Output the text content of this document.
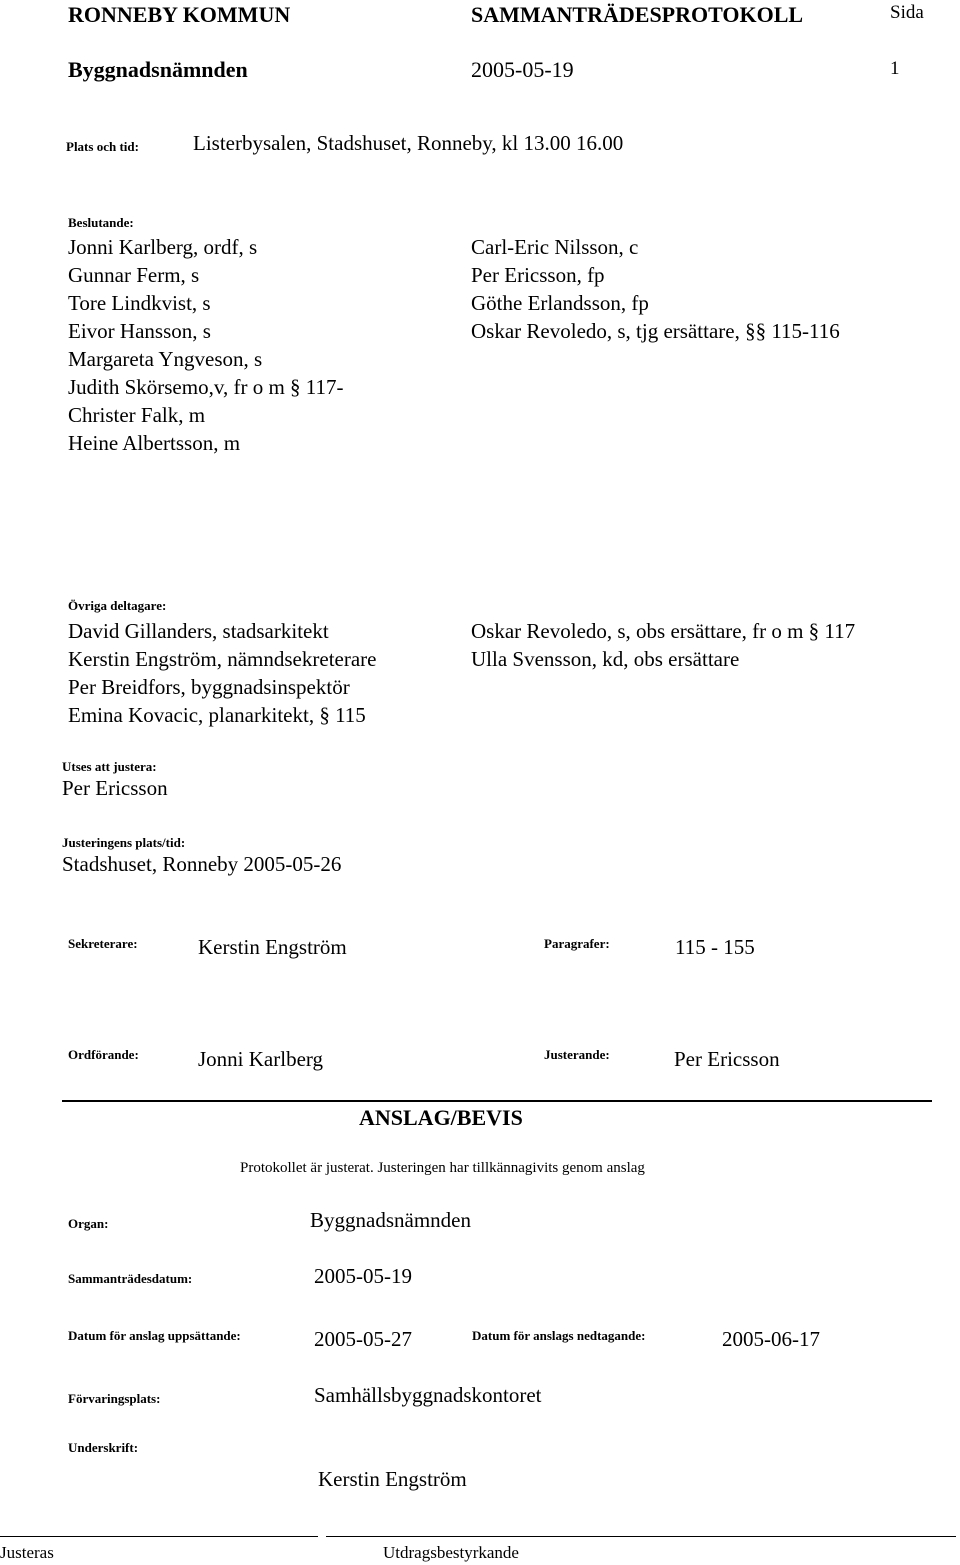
RONNEBY KOMMUN	SAMMANTRÄDESPROTOKOLL	Sida
Byggnadsnämnden	2005-05-19	1
Plats och tid:	Listerbysalen, Stadshuset, Ronneby, kl 13.00 16.00
Beslutande:
Jonni Karlberg, ordf, s
Gunnar Ferm, s
Tore Lindkvist, s
Eivor Hansson, s
Margareta Yngveson, s
Judith Skörsemo,v, fr o m § 117-
Christer Falk, m
Heine Albertsson, m
Carl-Eric Nilsson, c
Per Ericsson, fp
Göthe Erlandsson, fp
Oskar Revoledo, s, tjg ersättare, §§ 115-116
Övriga deltagare:
David Gillanders, stadsarkitekt
Kerstin Engström, nämndsekreterare
Per Breidfors, byggnadsinspektör
Emina Kovacic, planarkitekt, § 115
Oskar Revoledo, s, obs ersättare, fr o m § 117
Ulla Svensson, kd, obs ersättare
Utses att justera:
Per Ericsson
Justeringens plats/tid:
Stadshuset, Ronneby 2005-05-26
Sekreterare:	Kerstin Engström	Paragrafer:	115 - 155
Ordförande:	Jonni Karlberg	Justerande:	Per Ericsson
ANSLAG/BEVIS
Protokollet är justerat. Justeringen har tillkännagivits genom anslag
Organ:	Byggnadsnämnden
Sammanträdesdatum:	2005-05-19
Datum för anslag uppsättande:	2005-05-27	Datum för anslags nedtagande:	2005-06-17
Förvaringsplats:	Samhällsbyggnadskontoret
Underskrift:
Kerstin Engström
Justeras	Utdragsbestyrkande
